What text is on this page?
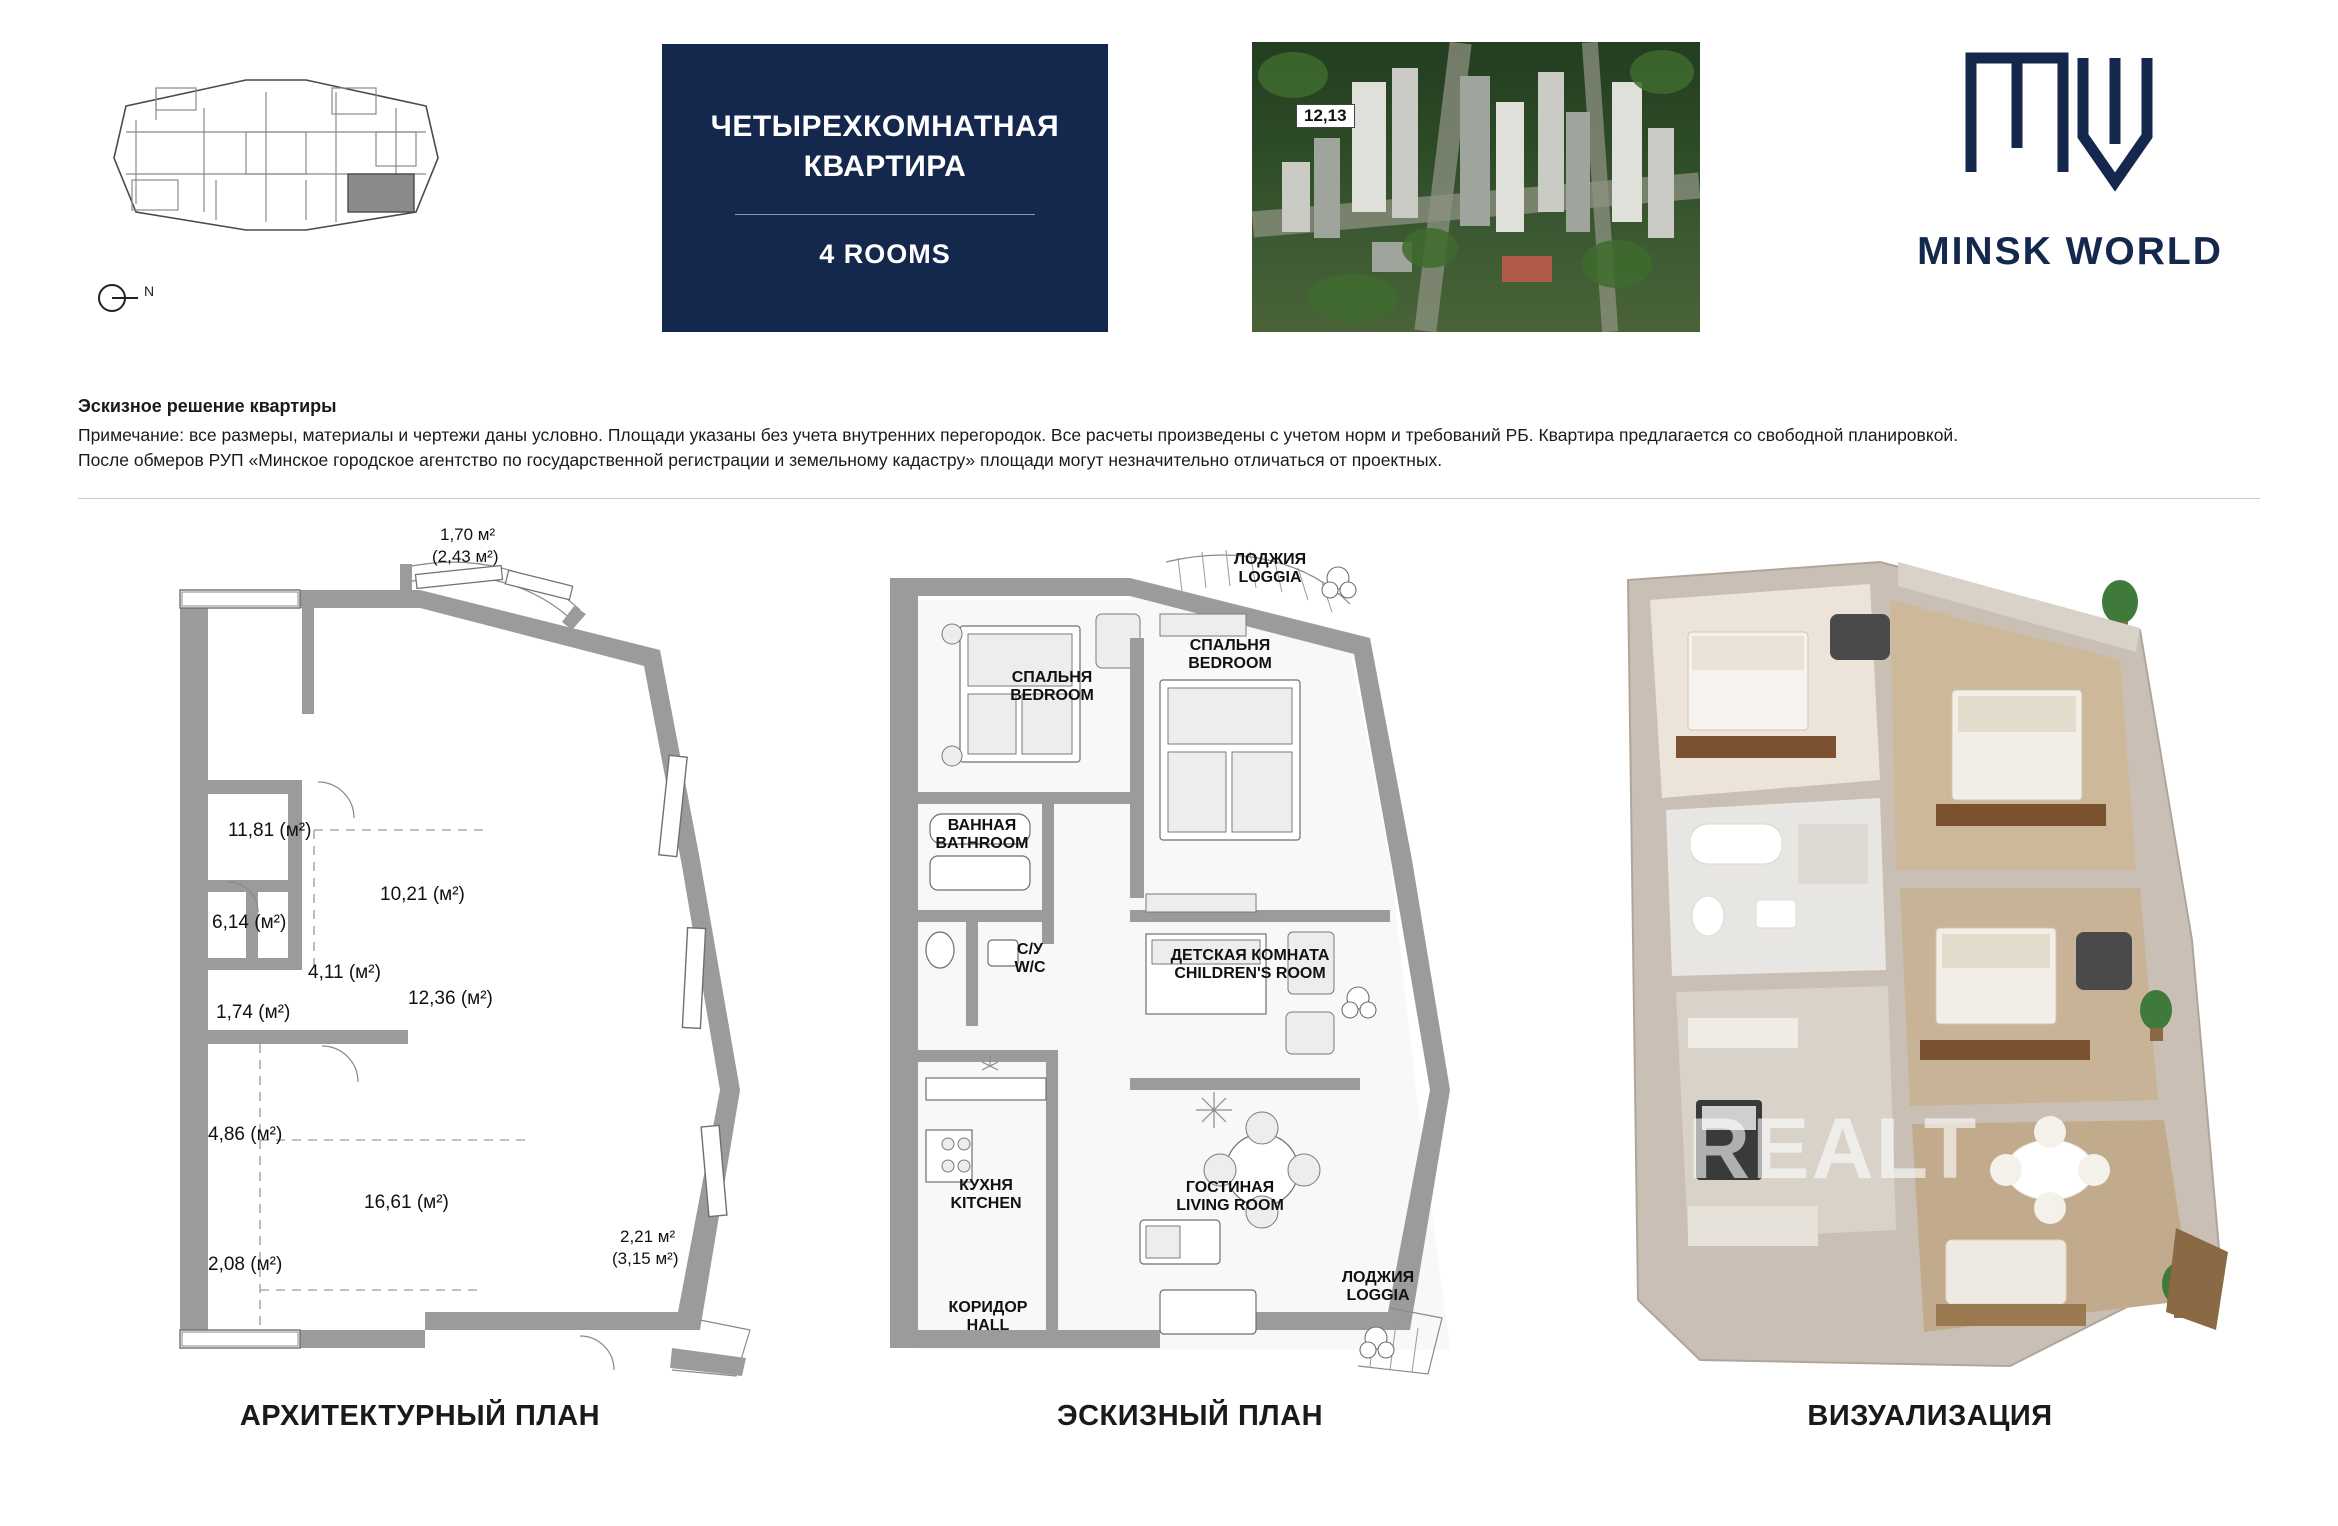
N
ЧЕТЫРЕХКОМНАТНАЯ КВАРТИРА
4 ROOMS
12,13
MINSK WORLD
Эскизное решение квартиры

Примечание: все размеры, материалы и чертежи даны условно. Площади указаны без учета внутренних перегородок. Все расчеты произведены с учетом норм и требований РБ. Квартира предлагается со свободной планировкой.

После обмеров РУП «Минское городское агентство по государственной регистрации и земельному кадастру» площади могут незначительно отличаться от проектных.

11,81 (м²)
10,21 (м²)
6,14 (м²)
4,11 (м²)
1,74 (м²)
12,36 (м²)
4,86 (м²)
16,61 (м²)
2,08 (м²)
1,70 м²
(2,43 м²)
2,21 м²
(3,15 м²)
АРХИТЕКТУРНЫЙ ПЛАН
ЛОДЖИЯ
LOGGIA
СПАЛЬНЯ
BEDROOM
СПАЛЬНЯ
BEDROOM
ВАННАЯ
BATHROOM
С/У
W/C
ДЕТСКАЯ КОМНАТА
CHILDREN'S ROOM
КУХНЯ
KITCHEN
ГОСТИНАЯ
LIVING ROOM
КОРИДОР
HALL
ЛОДЖИЯ
LOGGIA
ЭСКИЗНЫЙ ПЛАН
REALT
ВИЗУАЛИЗАЦИЯ
